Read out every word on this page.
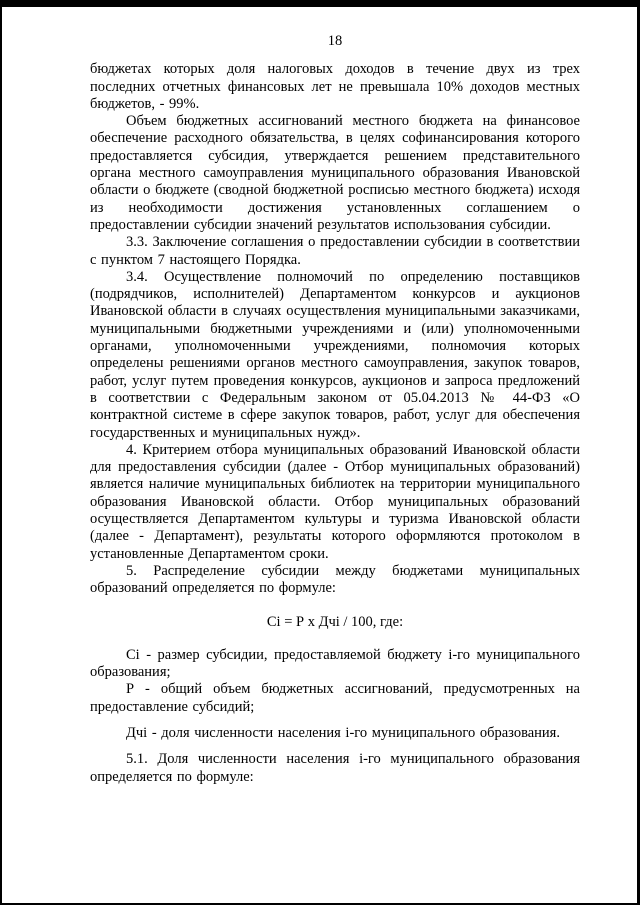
18

бюджетах которых доля налоговых доходов в течение двух из трех последних отчетных финансовых лет не превышала 10% доходов местных бюджетов, - 99%.

Объем бюджетных ассигнований местного бюджета на финансовое обеспечение расходного обязательства, в целях софинансирования которого предоставляется субсидия, утверждается решением представительного органа местного самоуправления муниципального образования Ивановской области о бюджете (сводной бюджетной росписью местного бюджета) исходя из необходимости достижения установленных соглашением о предоставлении субсидии значений результатов использования субсидии.

3.3. Заключение соглашения о предоставлении субсидии в соответствии с пунктом 7 настоящего Порядка.

3.4. Осуществление полномочий по определению поставщиков (подрядчиков, исполнителей) Департаментом конкурсов и аукционов Ивановской области в случаях осуществления муниципальными заказчиками, муниципальными бюджетными учреждениями и (или) уполномоченными органами, уполномоченными учреждениями, полномочия которых определены решениями органов местного самоуправления, закупок товаров, работ, услуг путем проведения конкурсов, аукционов и запроса предложений в соответствии с Федеральным законом от 05.04.2013 № 44-ФЗ «О контрактной системе в сфере закупок товаров, работ, услуг для обеспечения государственных и муниципальных нужд».

4. Критерием отбора муниципальных образований Ивановской области для предоставления субсидии (далее - Отбор муниципальных образований) является наличие муниципальных библиотек на территории муниципального образования Ивановской области. Отбор муниципальных образований осуществляется Департаментом культуры и туризма Ивановской области (далее - Департамент), результаты которого оформляются протоколом в установленные Департаментом сроки.

5. Распределение субсидии между бюджетами муниципальных образований определяется по формуле:

Сi = Р х Дчi / 100, где:

Сi - размер субсидии, предоставляемой бюджету i-го муниципального образования;

Р - общий объем бюджетных ассигнований, предусмотренных на предоставление субсидий;

Дчi - доля численности населения i-го муниципального образования.

5.1. Доля численности населения i-го муниципального образования определяется по формуле:
